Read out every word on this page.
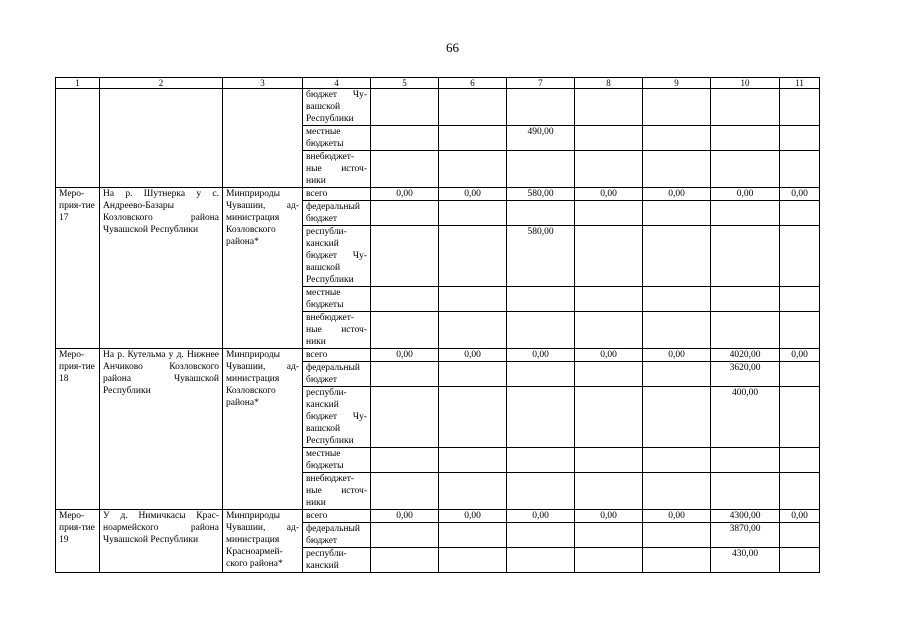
66
1	2	3	4	5	6	7	8	9	10	11
			бюджет Чу-вашской Республики							
			местные бюджеты			490,00				
			внебюджет-ные источ-ники							
Меро-прия-тие 17	На р. Шутнерка у с. Андреево-Базары Козловского района Чувашской Республики	Минприроды Чувашии, ад-министрация Козловского района*	всего	0,00	0,00	580,00	0,00	0,00	0,00	0,00
			федеральный бюджет							
			республи-канский бюджет Чу-вашской Республики			580,00				
			местные бюджеты							
			внебюджет-ные источ-ники							
Меро-прия-тие 18	На р. Кутельма у д. Нижнее Анчиково Козловского района Чувашской Республики	Минприроды Чувашии, ад-министрация Козловского района*	всего	0,00	0,00	0,00	0,00	0,00	4020,00	0,00
			федеральный бюджет						3620,00	
			республи-канский бюджет Чу-вашской Республики						400,00	
			местные бюджеты							
			внебюджет-ные источ-ники							
Меро-прия-тие 19	У д. Нимичкасы Крас-ноармейского района Чувашской Республики	Минприроды Чувашии, ад-министрация Красноармей-ского района*	всего	0,00	0,00	0,00	0,00	0,00	4300,00	0,00
			федеральный бюджет						3870,00	
			республи-канский						430,00	
